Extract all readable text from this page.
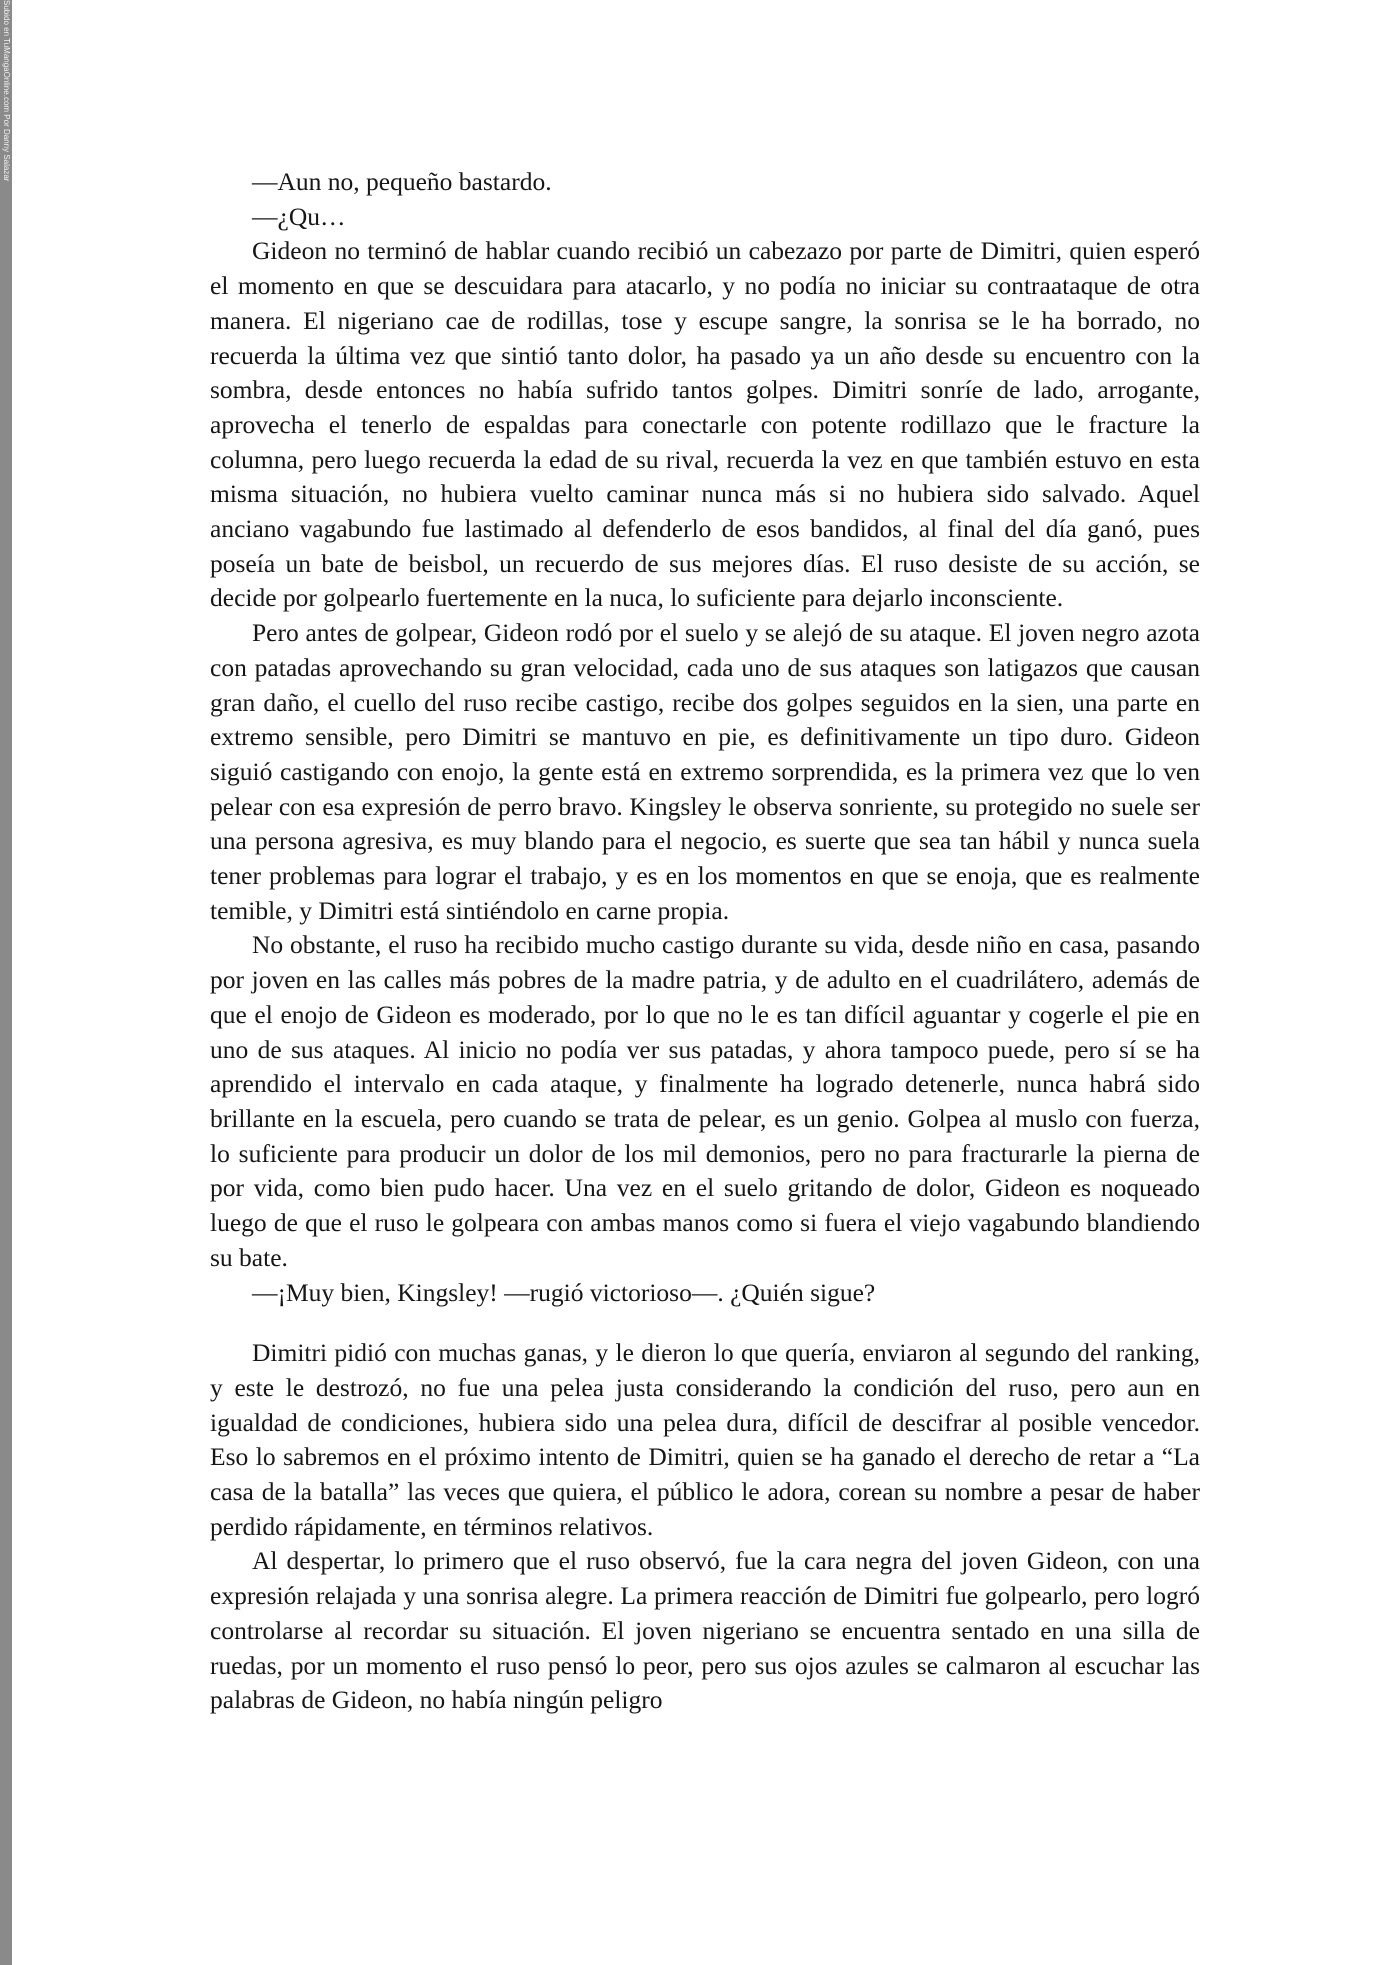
Subido en TuMangaOnline.com Por Danny Salazar

—Aun no, pequeño bastardo.

—¿Qu…

Gideon no terminó de hablar cuando recibió un cabezazo por parte de Dimitri, quien esperó el momento en que se descuidara para atacarlo, y no podía no iniciar su contraataque de otra manera. El nigeriano cae de rodillas, tose y escupe sangre, la sonrisa se le ha borrado, no recuerda la última vez que sintió tanto dolor, ha pasado ya un año desde su encuentro con la sombra, desde entonces no había sufrido tantos golpes. Dimitri sonríe de lado, arrogante, aprovecha el tenerlo de espaldas para conectarle con potente rodillazo que le fracture la columna, pero luego recuerda la edad de su rival, recuerda la vez en que también estuvo en esta misma situación, no hubiera vuelto caminar nunca más si no hubiera sido salvado. Aquel anciano vagabundo fue lastimado al defenderlo de esos bandidos, al final del día ganó, pues poseía un bate de beisbol, un recuerdo de sus mejores días. El ruso desiste de su acción, se decide por golpearlo fuertemente en la nuca, lo suficiente para dejarlo inconsciente.

Pero antes de golpear, Gideon rodó por el suelo y se alejó de su ataque. El joven negro azota con patadas aprovechando su gran velocidad, cada uno de sus ataques son latigazos que causan gran daño, el cuello del ruso recibe castigo, recibe dos golpes seguidos en la sien, una parte en extremo sensible, pero Dimitri se mantuvo en pie, es definitivamente un tipo duro. Gideon siguió castigando con enojo, la gente está en extremo sorprendida, es la primera vez que lo ven pelear con esa expresión de perro bravo. Kingsley le observa sonriente, su protegido no suele ser una persona agresiva, es muy blando para el negocio, es suerte que sea tan hábil y nunca suela tener problemas para lograr el trabajo, y es en los momentos en que se enoja, que es realmente temible, y Dimitri está sintiéndolo en carne propia.

No obstante, el ruso ha recibido mucho castigo durante su vida, desde niño en casa, pasando por joven en las calles más pobres de la madre patria, y de adulto en el cuadrilátero, además de que el enojo de Gideon es moderado, por lo que no le es tan difícil aguantar y cogerle el pie en uno de sus ataques. Al inicio no podía ver sus patadas, y ahora tampoco puede, pero sí se ha aprendido el intervalo en cada ataque, y finalmente ha logrado detenerle, nunca habrá sido brillante en la escuela, pero cuando se trata de pelear, es un genio. Golpea al muslo con fuerza, lo suficiente para producir un dolor de los mil demonios, pero no para fracturarle la pierna de por vida, como bien pudo hacer. Una vez en el suelo gritando de dolor, Gideon es noqueado luego de que el ruso le golpeara con ambas manos como si fuera el viejo vagabundo blandiendo su bate.

—¡Muy bien, Kingsley! —rugió victorioso—. ¿Quién sigue?

Dimitri pidió con muchas ganas, y le dieron lo que quería, enviaron al segundo del ranking, y este le destrozó, no fue una pelea justa considerando la condición del ruso, pero aun en igualdad de condiciones, hubiera sido una pelea dura, difícil de descifrar al posible vencedor. Eso lo sabremos en el próximo intento de Dimitri, quien se ha ganado el derecho de retar a “La casa de la batalla” las veces que quiera, el público le adora, corean su nombre a pesar de haber perdido rápidamente, en términos relativos.

Al despertar, lo primero que el ruso observó, fue la cara negra del joven Gideon, con una expresión relajada y una sonrisa alegre. La primera reacción de Dimitri fue golpearlo, pero logró controlarse al recordar su situación. El joven nigeriano se encuentra sentado en una silla de ruedas, por un momento el ruso pensó lo peor, pero sus ojos azules se calmaron al escuchar las palabras de Gideon, no había ningún peligro
